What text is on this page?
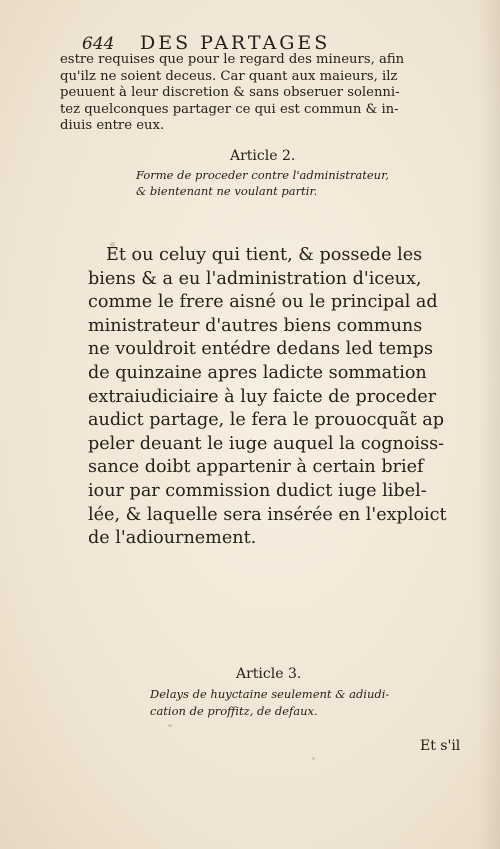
644 DES PARTAGES
estre requises que pour le regard des mineurs, afin
qu'ilz ne soient deceus. Car quant aux maieurs, ilz
peuuent à leur discretion & sans obseruer solenni-
tez quelconques partager ce qui est commun & in-
diuis entre eux.
Article 2.
Forme de proceder contre l'administrateur,
& bientenant ne voulant partir.
Et ou celuy qui tient, & possede les
biens & a eu l'administration d'iceux,
comme le frere aisné ou le principal ad
ministrateur d'autres biens communs
ne vouldroit entédre dedans led temps
de quinzaine apres ladicte sommation
extraiudiciaire à luy faicte de proceder
audict partage, le fera le prouocquãt ap
peler deuant le iuge auquel la cognoiss-
sance doibt appartenir à certain brief
iour par commission dudict iuge libel-
lée, & laquelle sera insérée en l'exploict
de l'adiournement.
Article 3.
Delays de huyctaine seulement & adiudi-
cation de proffitz, de defaux.
Et s'il
